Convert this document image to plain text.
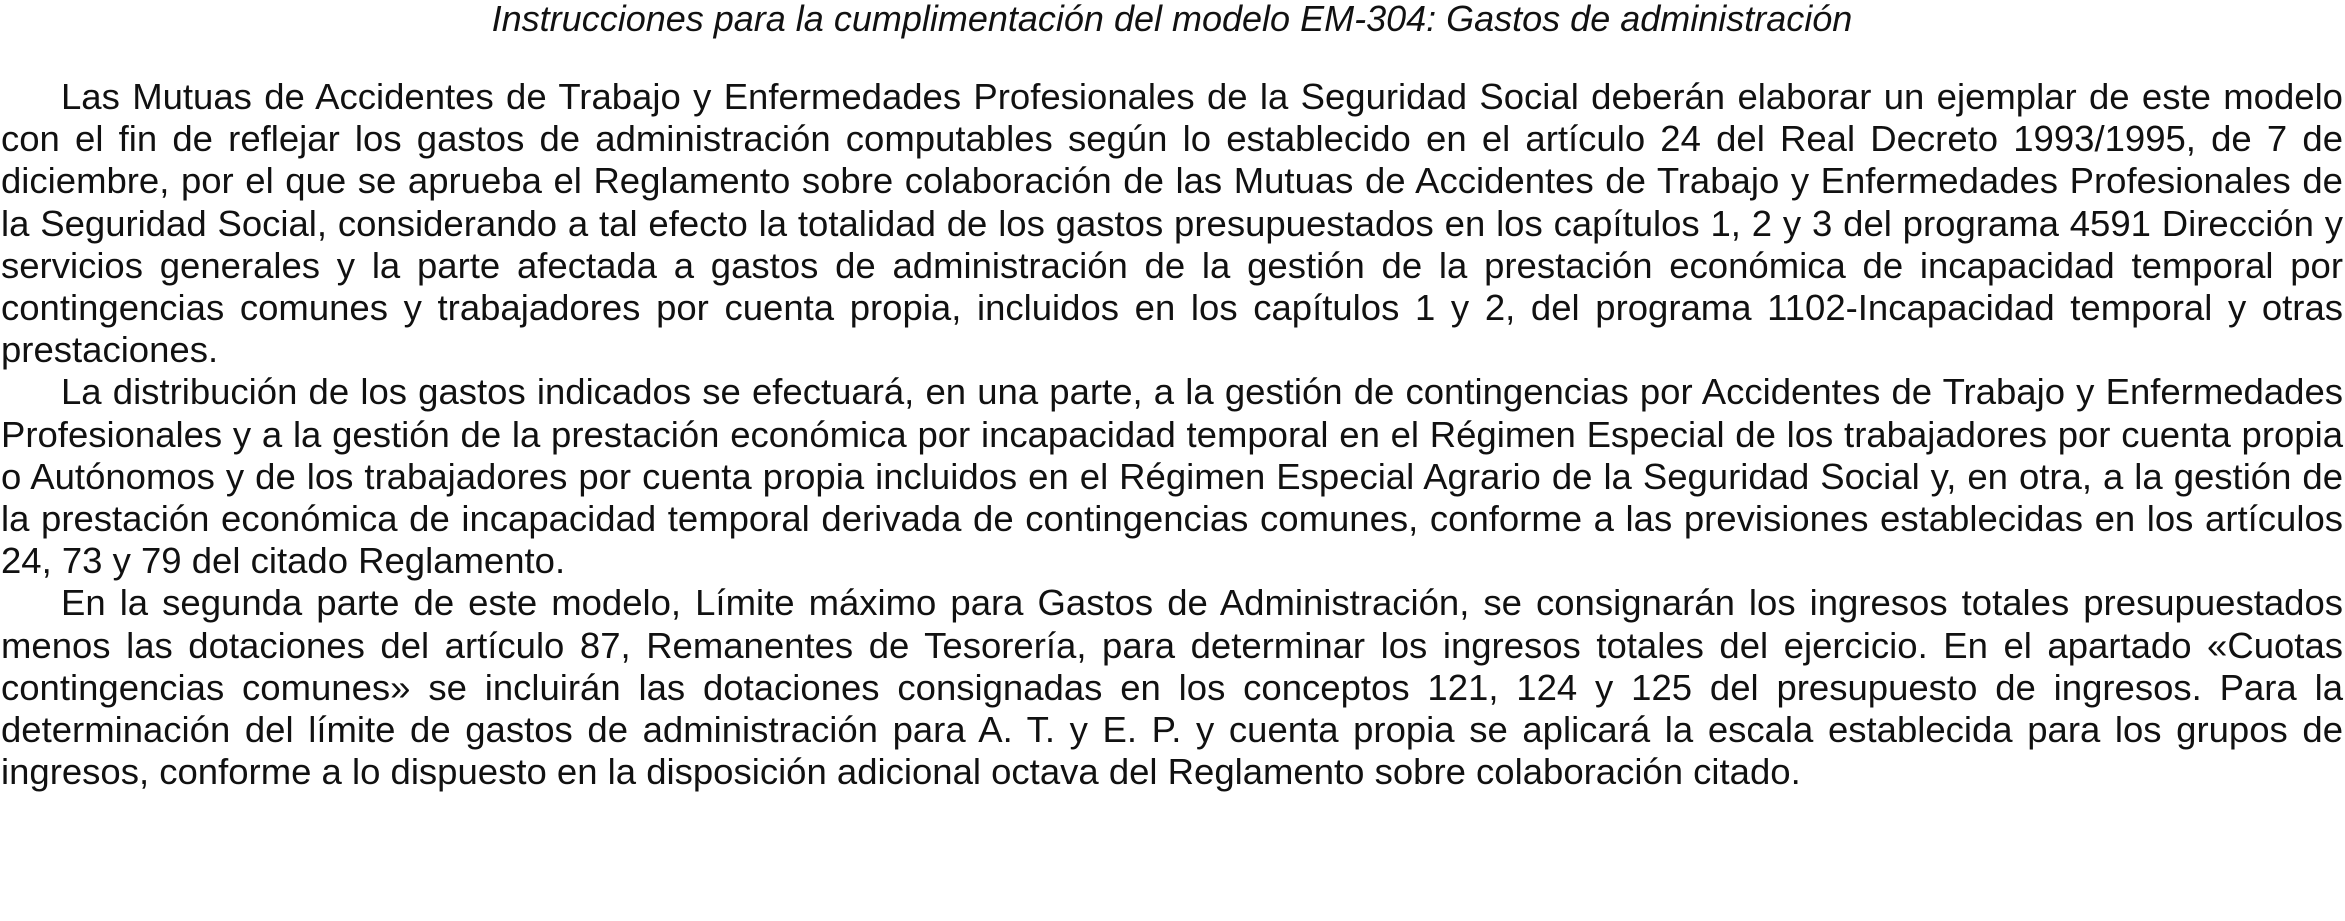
Instrucciones para la cumplimentación del modelo EM-304: Gastos de administración

Las Mutuas de Accidentes de Trabajo y Enfermedades Profesionales de la Seguridad Social deberán elaborar un ejemplar de este modelo con el fin de reflejar los gastos de administración computables según lo establecido en el artículo 24 del Real Decreto 1993/1995, de 7 de diciembre, por el que se aprueba el Reglamento sobre colaboración de las Mutuas de Accidentes de Trabajo y Enfermedades Profesionales de la Seguridad Social, considerando a tal efecto la totalidad de los gastos presupuestados en los capítulos 1, 2 y 3 del programa 4591 Dirección y servicios generales y la parte afectada a gastos de administración de la gestión de la prestación económica de incapacidad temporal por contingencias comunes y trabajadores por cuenta propia, incluidos en los capítulos 1 y 2, del programa 1102-Incapacidad temporal y otras prestaciones.

La distribución de los gastos indicados se efectuará, en una parte, a la gestión de contingencias por Accidentes de Trabajo y Enfermedades Profesionales y a la gestión de la prestación económica por incapacidad temporal en el Régimen Especial de los trabajadores por cuenta propia o Autónomos y de los trabajadores por cuenta propia incluidos en el Régimen Especial Agrario de la Seguridad Social y, en otra, a la gestión de la prestación económica de incapacidad temporal derivada de contingencias comunes, conforme a las previsiones establecidas en los artículos 24, 73 y 79 del citado Reglamento.

En la segunda parte de este modelo, Límite máximo para Gastos de Administración, se consignarán los ingresos totales presupuestados menos las dotaciones del artículo 87, Remanentes de Tesorería, para determinar los ingresos totales del ejercicio. En el apartado «Cuotas contingencias comunes» se incluirán las dotaciones consignadas en los conceptos 121, 124 y 125 del presupuesto de ingresos. Para la determinación del límite de gastos de administración para A. T. y E. P. y cuenta propia se aplicará la escala establecida para los grupos de ingresos, conforme a lo dispuesto en la disposición adicional octava del Reglamento sobre colaboración citado.
